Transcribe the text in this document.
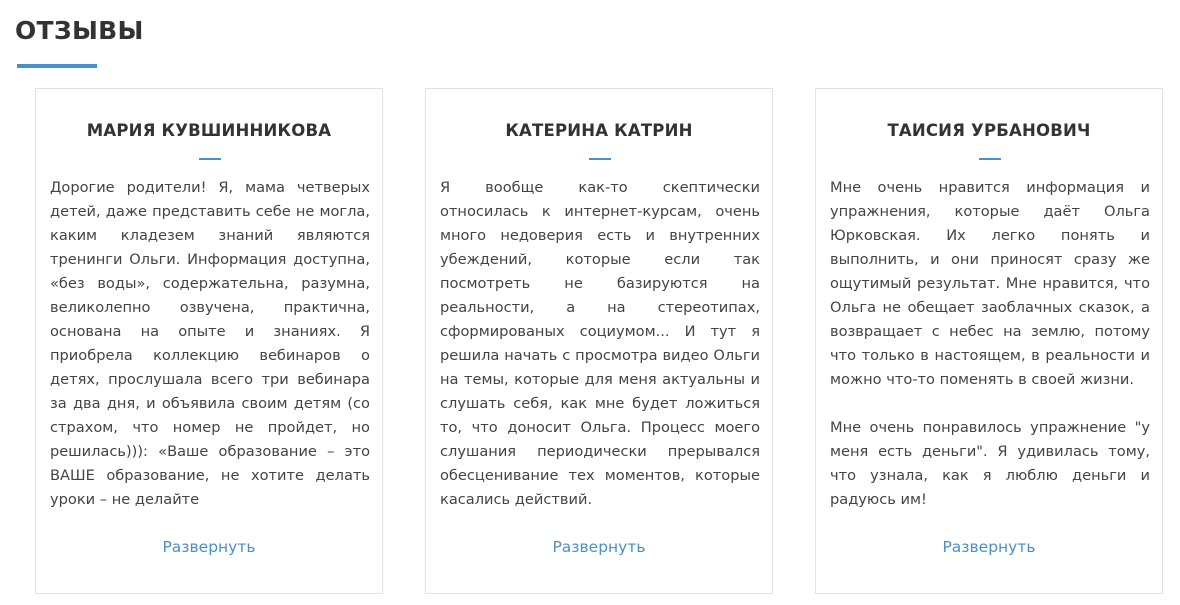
ОТЗЫВЫ
МАРИЯ КУВШИННИКОВА

Дорогие родители! Я, мама четверых детей, даже представить себе не могла, каким кладезем знаний являются тренинги Ольги. Информация доступна, «без воды», содержательна, разумна, великолепно озвучена, практична, основана на опыте и знаниях. Я приобрела коллекцию вебинаров о детях, прослушала всего три вебинара за два дня, и объявила своим детям (со страхом, что номер не пройдет, но решилась))): «Ваше образование – это ВАШЕ образование, не хотите делать уроки – не делайте

Развернуть
КАТЕРИНА КАТРИН

Я вообще как-то скептически относилась к интернет-курсам, очень много недоверия есть и внутренних убеждений, которые если так посмотреть не базируются на реальности, а на стереотипах, сформированых социумом... И тут я решила начать с просмотра видео Ольги на темы, которые для меня актуальны и слушать себя, как мне будет ложиться то, что доносит Ольга. Процесс моего слушания периодически прерывался обесценивание тех моментов, которые касались действий.

Развернуть
ТАИСИЯ УРБАНОВИЧ

Мне очень нравится информация и упражнения, которые даёт Ольга Юрковская. Их легко понять и выполнить, и они приносят сразу же ощутимый результат. Мне нравится, что Ольга не обещает заоблачных сказок, а возвращает с небес на землю, потому что только в настоящем, в реальности и можно что-то поменять в своей жизни.

Мне очень понравилось упражнение "у меня есть деньги". Я удивилась тому, что узнала, как я люблю деньги и радуюсь им!

Развернуть
